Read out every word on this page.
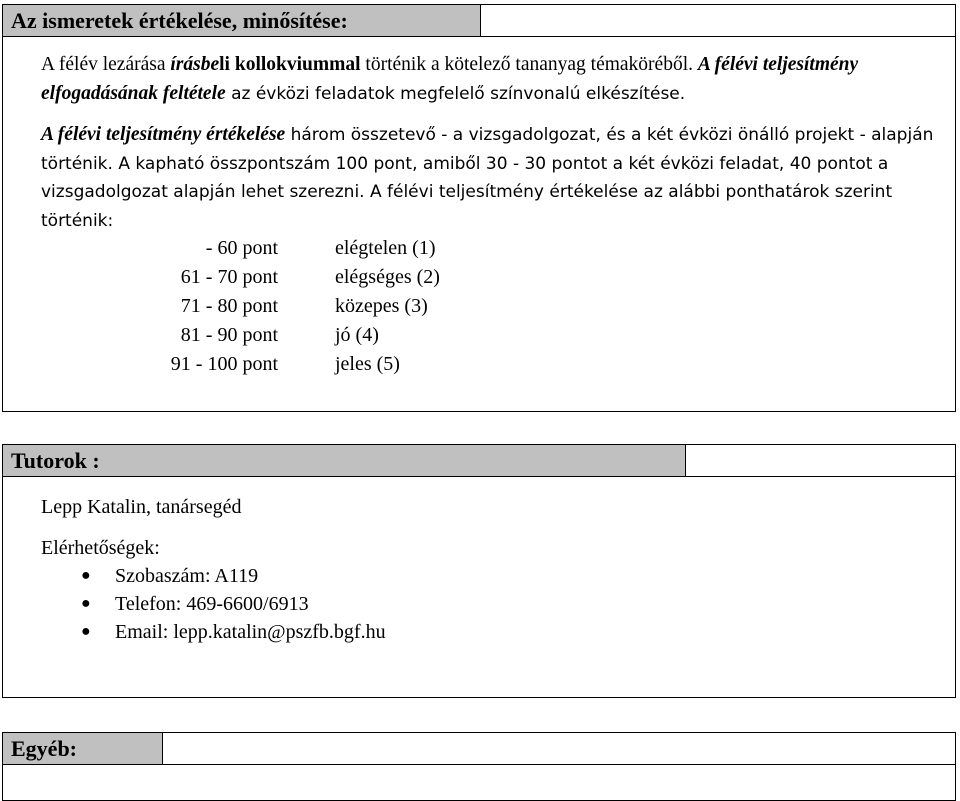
Az ismeretek értékelése, minősítése:
A félév lezárása írásbeli kollokviummal történik a kötelező tananyag témaköréből. A félévi teljesítmény elfogadásának feltétele az évközi feladatok megfelelő színvonalú elkészítése.
A félévi teljesítmény értékelése három összetevő - a vizsgadolgozat, és a két évközi önálló projekt - alapján történik. A kapható összpontszám 100 pont, amiből 30 - 30 pontot a két évközi feladat, 40 pontot a vizsgadolgozat alapján lehet szerezni. A félévi teljesítmény értékelése az alábbi ponthatárok szerint történik:
- 60 pont	elégtelen (1)
61 - 70 pont	elégséges (2)
71 - 80 pont	közepes (3)
81 - 90 pont	jó (4)
91 - 100 pont	jeles (5)
Tutorok :
Lepp Katalin, tanársegéd
Elérhetőségek:
● Szobaszám: A119
● Telefon: 469-6600/6913
● Email: lepp.katalin@pszfb.bgf.hu
Egyéb:
